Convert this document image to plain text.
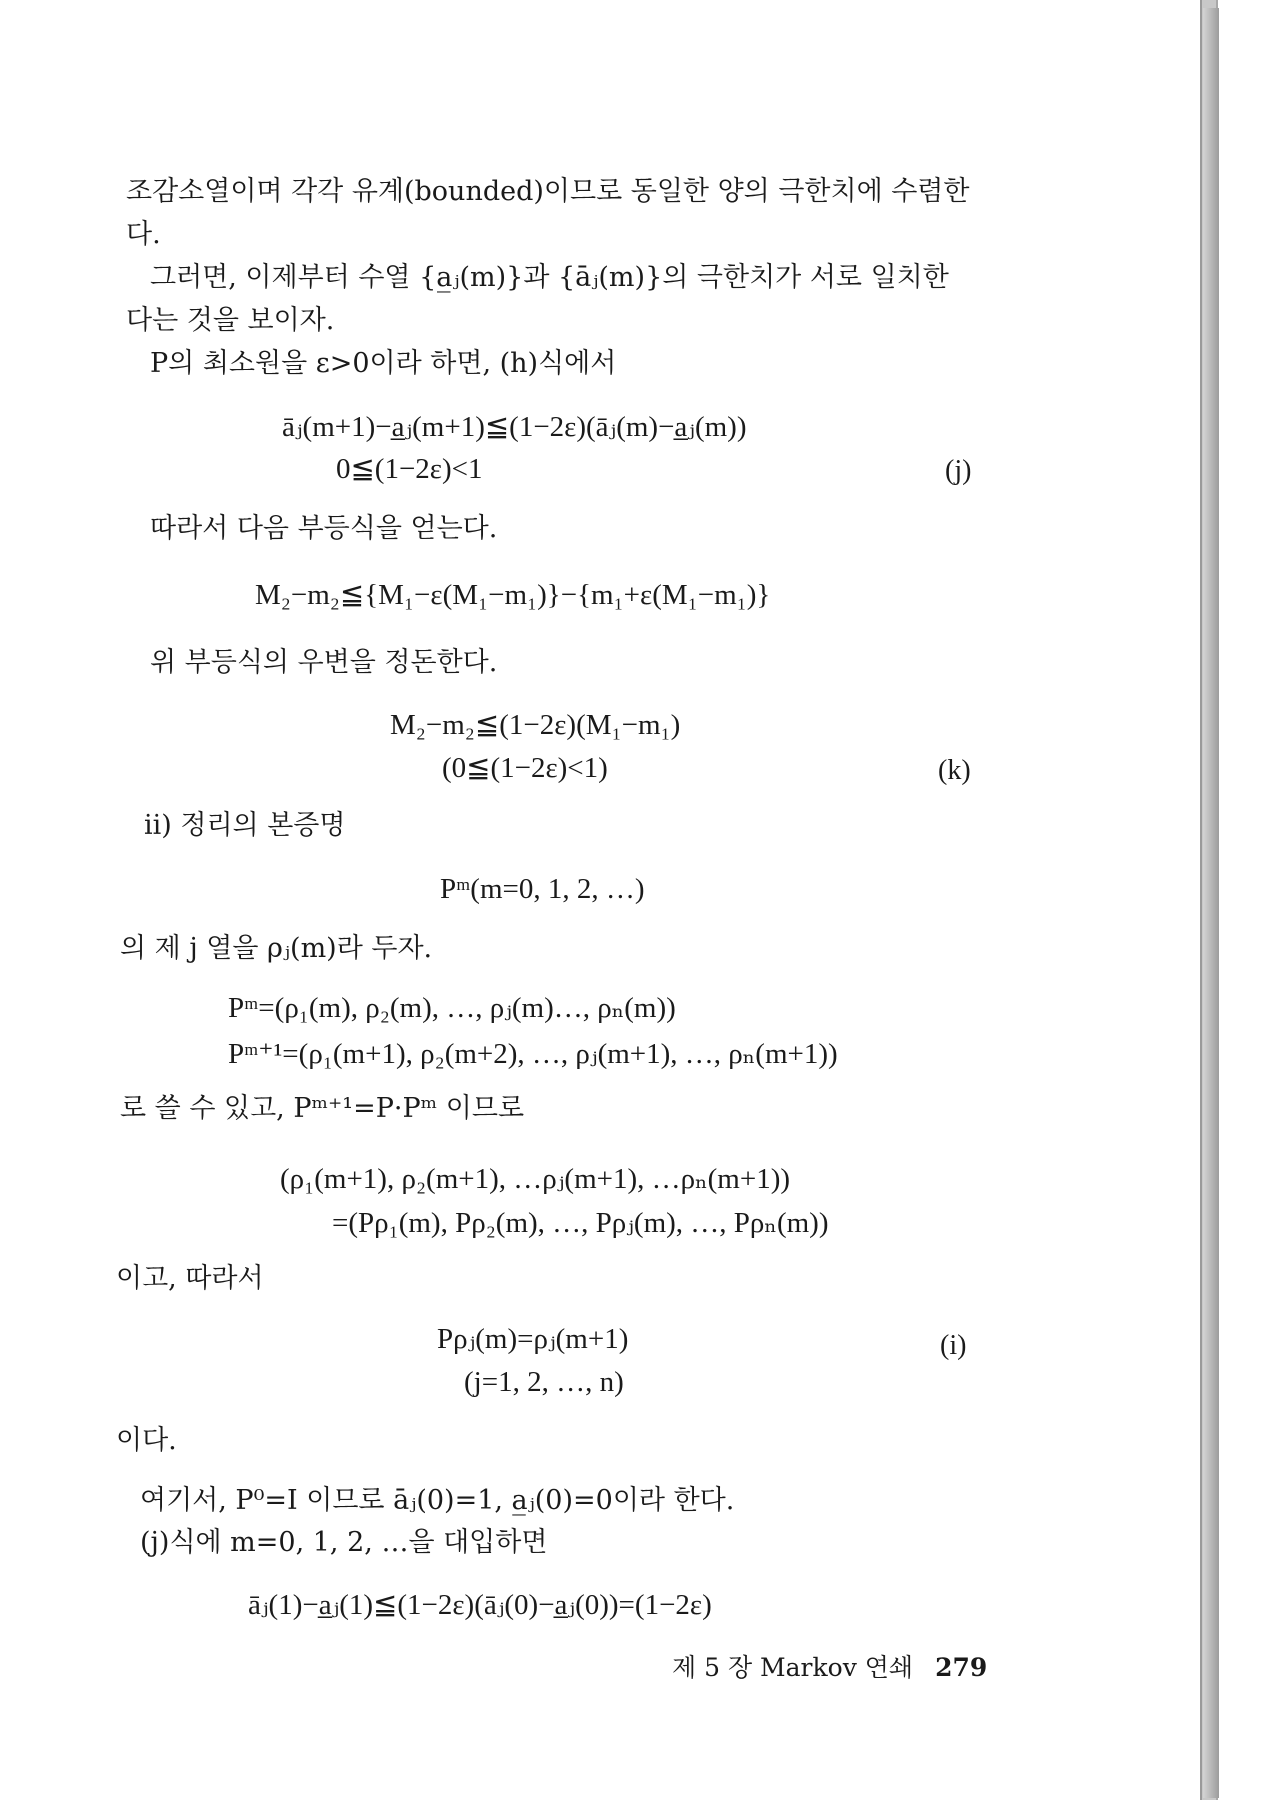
조감소열이며 각각 유계(bounded)이므로 동일한 양의 극한치에 수렴한
다.
그러면, 이제부터 수열 {a̲ⱼ(m)}과 {āⱼ(m)}의 극한치가 서로 일치한
다는 것을 보이자.
P의 최소원을 ε>0이라 하면, (h)식에서
āⱼ(m+1)−a̲ⱼ(m+1)≦(1−2ε)(āⱼ(m)−a̲ⱼ(m))
0≦(1−2ε)<1	(j)
따라서 다음 부등식을 얻는다.
M₂−m₂≦{M₁−ε(M₁−m₁)}−{m₁+ε(M₁−m₁)}
위 부등식의 우변을 정돈한다.
M₂−m₂≦(1−2ε)(M₁−m₁)
(0≦(1−2ε)<1)	(k)
ii) 정리의 본증명
Pᵐ(m=0, 1, 2, …)
의 제 j 열을 ρⱼ(m)라 두자.
Pᵐ=(ρ₁(m), ρ₂(m), …, ρⱼ(m)…, ρₙ(m))
Pᵐ⁺¹=(ρ₁(m+1), ρ₂(m+2), …, ρⱼ(m+1), …, ρₙ(m+1))
로 쓸 수 있고, Pᵐ⁺¹=P·Pᵐ 이므로
(ρ₁(m+1), ρ₂(m+1), …ρⱼ(m+1), …ρₙ(m+1))
=(Pρ₁(m), Pρ₂(m), …, Pρⱼ(m), …, Pρₙ(m))
이고, 따라서
Pρⱼ(m)=ρⱼ(m+1)
(j=1, 2, …, n)
(i)
이다.
여기서, P⁰=I 이므로 āⱼ(0)=1, a̲ⱼ(0)=0이라 한다.
(j)식에 m=0, 1, 2, …을 대입하면
āⱼ(1)−a̲ⱼ(1)≦(1−2ε)(āⱼ(0)−a̲ⱼ(0))=(1−2ε)
제 5 장 Markov 연쇄 279
